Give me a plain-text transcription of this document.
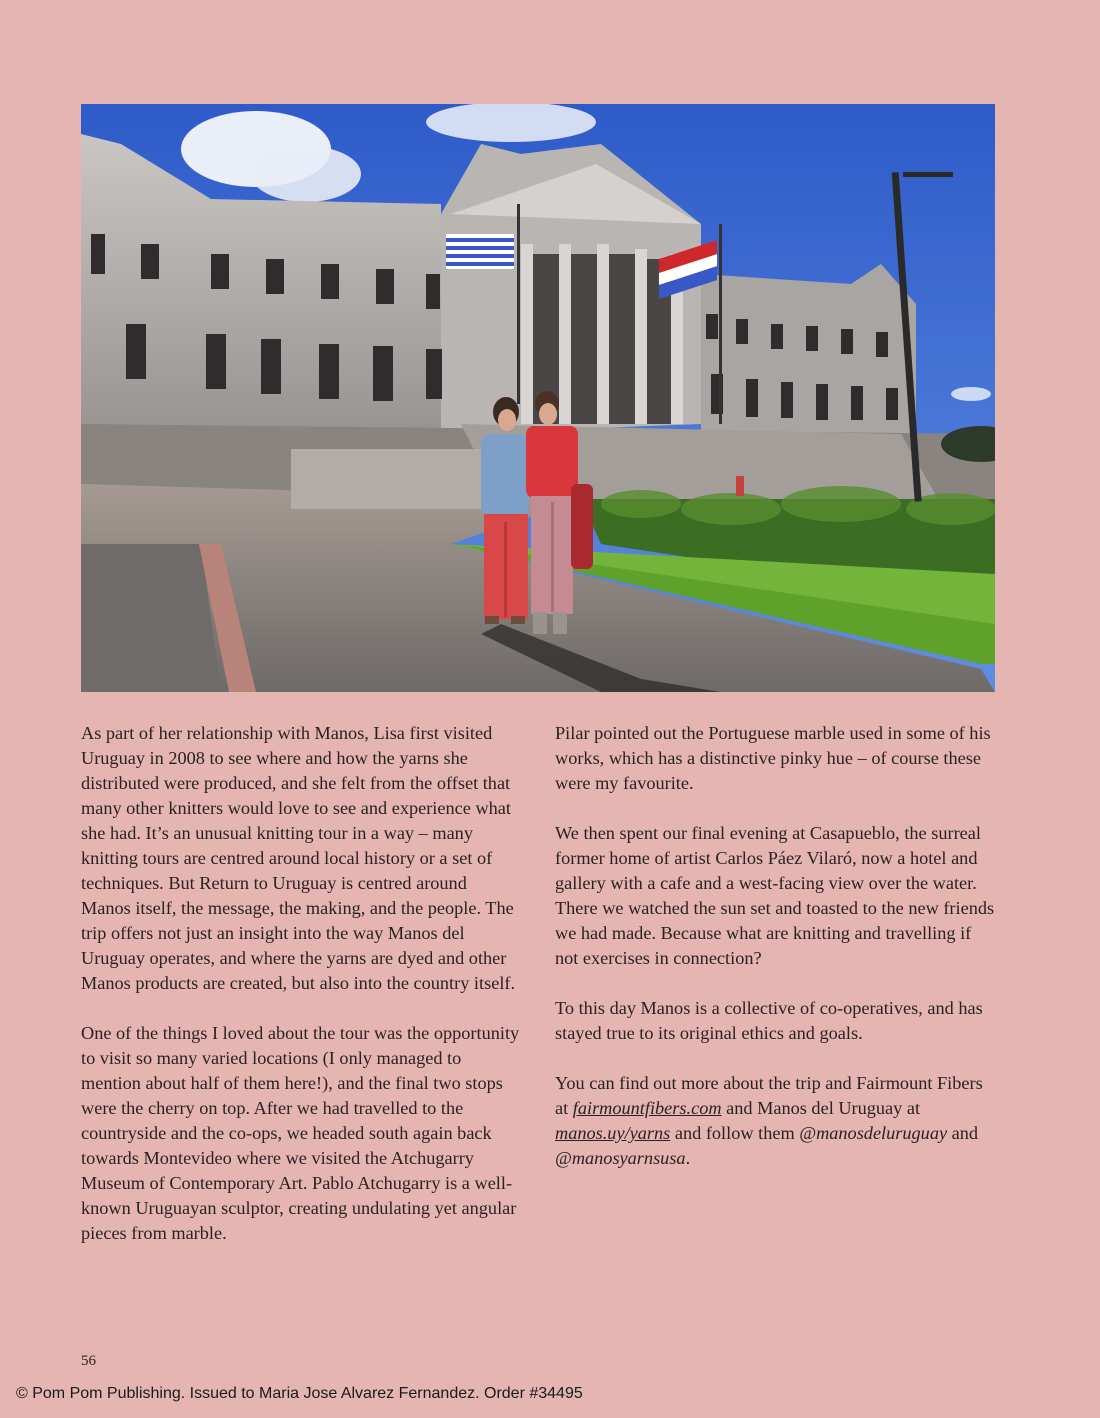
As part of her relationship with Manos, Lisa first visited Uruguay in 2008 to see where and how the yarns she distributed were produced, and she felt from the offset that many other knitters would love to see and experience what she had. It’s an unusual knitting tour in a way – many knitting tours are centred around local history or a set of techniques. But Return to Uruguay is centred around Manos itself, the message, the making, and the people. The trip offers not just an insight into the way Manos del Uruguay operates, and where the yarns are dyed and other Manos products are created, but also into the country itself.

One of the things I loved about the tour was the opportunity to visit so many varied locations (I only managed to mention about half of them here!), and the final two stops were the cherry on top. After we had travelled to the countryside and the co-ops, we headed south again back towards Montevideo where we visited the Atchugarry Museum of Contemporary Art. Pablo Atchugarry is a well-known Uruguayan sculptor, creating undulating yet angular pieces from marble.

Pilar pointed out the Portuguese marble used in some of his works, which has a distinctive pinky hue – of course these were my favourite.

We then spent our final evening at Casapueblo, the surreal former home of artist Carlos Páez Vilaró, now a hotel and gallery with a cafe and a west-facing view over the water. There we watched the sun set and toasted to the new friends we had made. Because what are knitting and travelling if not exercises in connection?

To this day Manos is a collective of co-operatives, and has stayed true to its original ethics and goals.

You can find out more about the trip and Fairmount Fibers at fairmountfibers.com and Manos del Uruguay at manos.uy/yarns and follow them @manosdeluruguay and @manosyarnsusa.

56
© Pom Pom Publishing. Issued to Maria Jose Alvarez Fernandez. Order #34495
